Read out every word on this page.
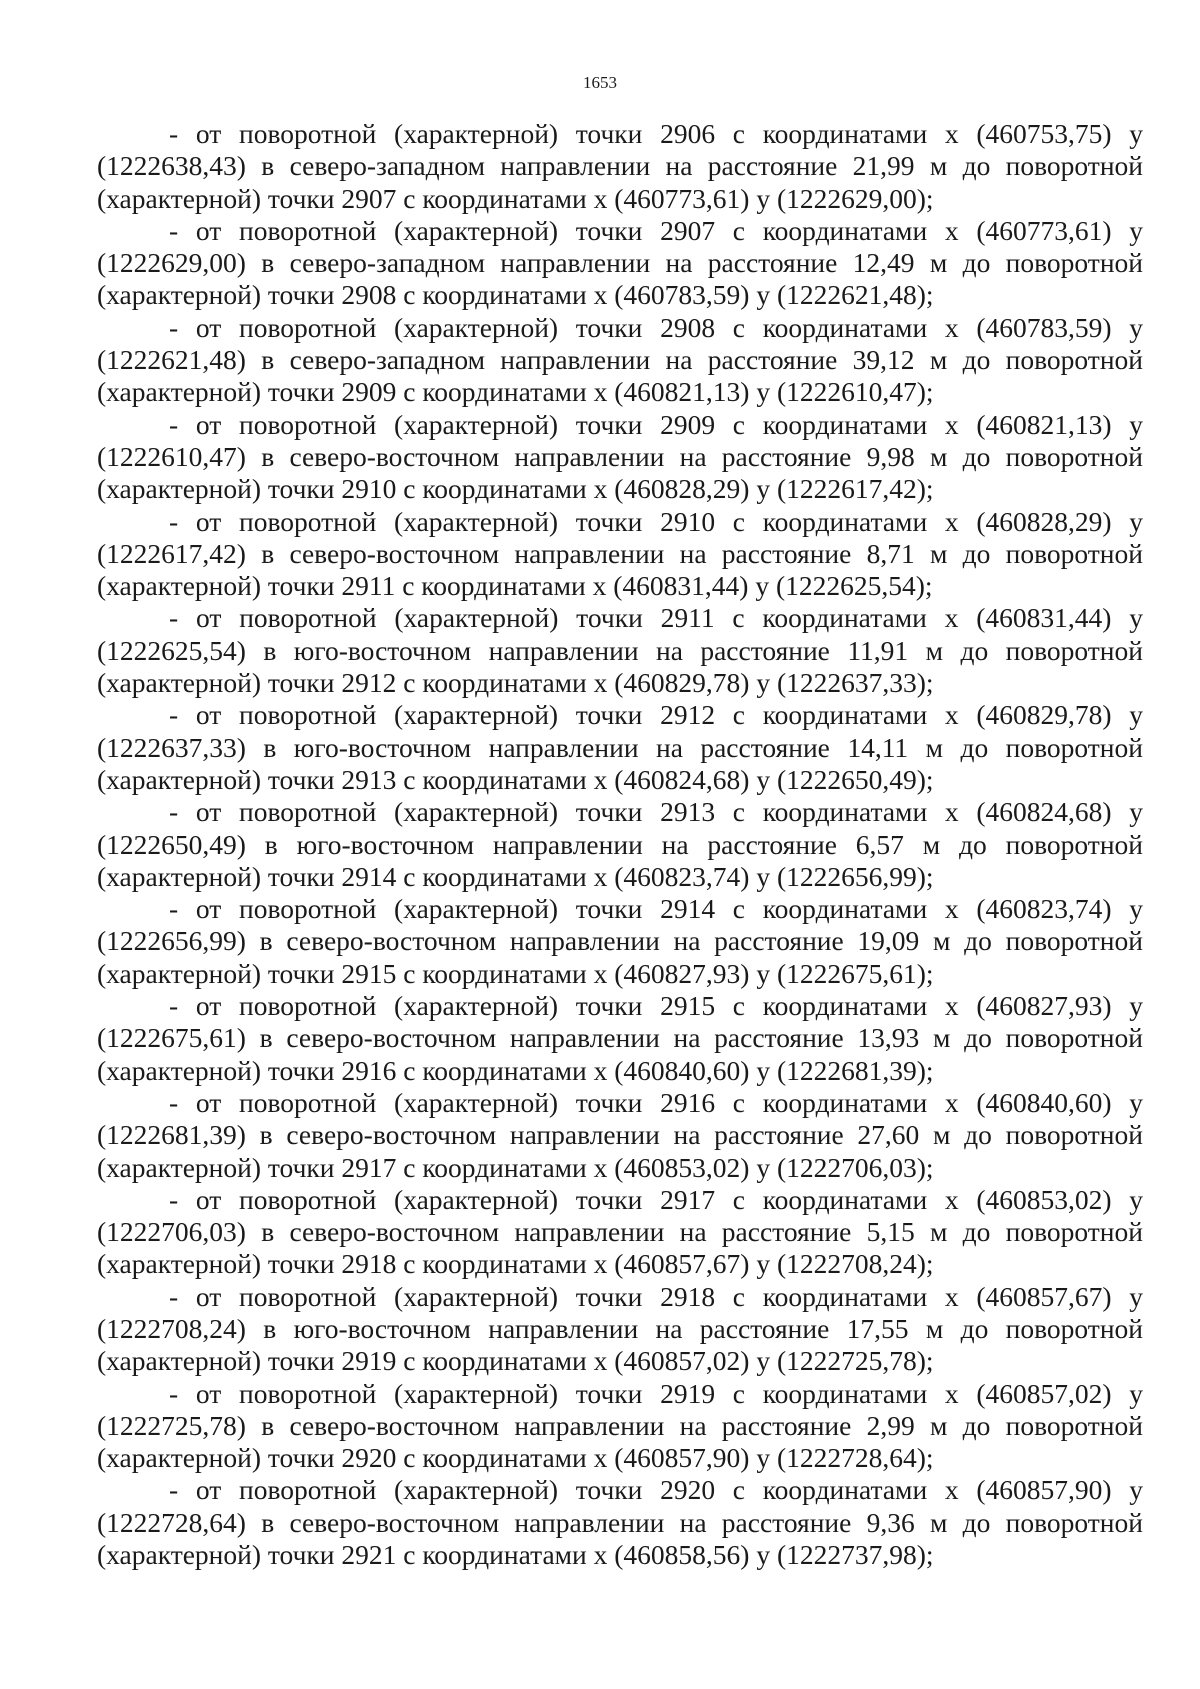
1653

- от поворотной (характерной) точки 2906 с координатами x (460753,75) y (1222638,43) в северо-западном направлении на расстояние 21,99 м до поворотной (характерной) точки 2907 с координатами x (460773,61) y (1222629,00);

- от поворотной (характерной) точки 2907 с координатами x (460773,61) y (1222629,00) в северо-западном направлении на расстояние 12,49 м до поворотной (характерной) точки 2908 с координатами x (460783,59) y (1222621,48);

- от поворотной (характерной) точки 2908 с координатами x (460783,59) y (1222621,48) в северо-западном направлении на расстояние 39,12 м до поворотной (характерной) точки 2909 с координатами x (460821,13) y (1222610,47);

- от поворотной (характерной) точки 2909 с координатами x (460821,13) y (1222610,47) в северо-восточном направлении на расстояние 9,98 м до поворотной (характерной) точки 2910 с координатами x (460828,29) y (1222617,42);

- от поворотной (характерной) точки 2910 с координатами x (460828,29) y (1222617,42) в северо-восточном направлении на расстояние 8,71 м до поворотной (характерной) точки 2911 с координатами x (460831,44) y (1222625,54);

- от поворотной (характерной) точки 2911 с координатами x (460831,44) y (1222625,54) в юго-восточном направлении на расстояние 11,91 м до поворотной (характерной) точки 2912 с координатами x (460829,78) y (1222637,33);

- от поворотной (характерной) точки 2912 с координатами x (460829,78) y (1222637,33) в юго-восточном направлении на расстояние 14,11 м до поворотной (характерной) точки 2913 с координатами x (460824,68) y (1222650,49);

- от поворотной (характерной) точки 2913 с координатами x (460824,68) y (1222650,49) в юго-восточном направлении на расстояние 6,57 м до поворотной (характерной) точки 2914 с координатами x (460823,74) y (1222656,99);

- от поворотной (характерной) точки 2914 с координатами x (460823,74) y (1222656,99) в северо-восточном направлении на расстояние 19,09 м до поворотной (характерной) точки 2915 с координатами x (460827,93) y (1222675,61);

- от поворотной (характерной) точки 2915 с координатами x (460827,93) y (1222675,61) в северо-восточном направлении на расстояние 13,93 м до поворотной (характерной) точки 2916 с координатами x (460840,60) y (1222681,39);

- от поворотной (характерной) точки 2916 с координатами x (460840,60) y (1222681,39) в северо-восточном направлении на расстояние 27,60 м до поворотной (характерной) точки 2917 с координатами x (460853,02) y (1222706,03);

- от поворотной (характерной) точки 2917 с координатами x (460853,02) y (1222706,03) в северо-восточном направлении на расстояние 5,15 м до поворотной (характерной) точки 2918 с координатами x (460857,67) y (1222708,24);

- от поворотной (характерной) точки 2918 с координатами x (460857,67) y (1222708,24) в юго-восточном направлении на расстояние 17,55 м до поворотной (характерной) точки 2919 с координатами x (460857,02) y (1222725,78);

- от поворотной (характерной) точки 2919 с координатами x (460857,02) y (1222725,78) в северо-восточном направлении на расстояние 2,99 м до поворотной (характерной) точки 2920 с координатами x (460857,90) y (1222728,64);

- от поворотной (характерной) точки 2920 с координатами x (460857,90) y (1222728,64) в северо-восточном направлении на расстояние 9,36 м до поворотной (характерной) точки 2921 с координатами x (460858,56) y (1222737,98);
